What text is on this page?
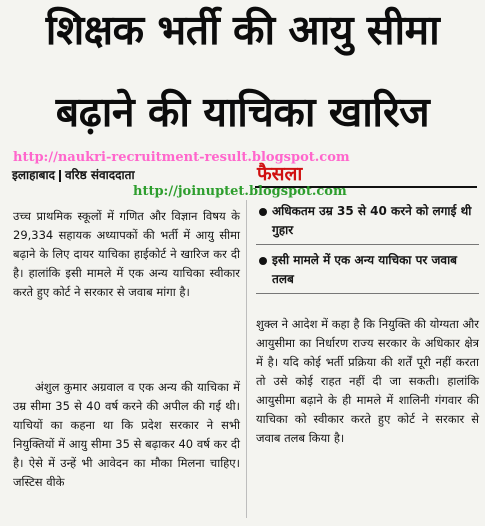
शिक्षक भर्ती की आयु सीमा
बढ़ाने की याचिका खारिज
http://naukri-recruitment-result.blogspot.com
इलाहाबाद वरिष्ठ संवाददाता	फैसला
http://joinuptet.blogspot.com

उच्च प्राथमिक स्कूलों में गणित और विज्ञान विषय के 29,334 सहायक अध्यापकों की भर्ती में आयु सीमा बढ़ाने के लिए दायर याचिका हाईकोर्ट ने खारिज कर दी है। हालांकि इसी मामले में एक अन्य याचिका स्वीकार करते हुए कोर्ट ने सरकार से जवाब मांगा है।

अंशुल कुमार अग्रवाल व एक अन्य की याचिका में उम्र सीमा 35 से 40 वर्ष करने की अपील की गई थी। याचियों का कहना था कि प्रदेश सरकार ने सभी नियुक्तियों में आयु सीमा 35 से बढ़ाकर 40 वर्ष कर दी है। ऐसे में उन्हें भी आवेदन का मौका मिलना चाहिए। जस्टिस वीके

अधिकतम उम्र 35 से 40 करने को लगाई थी गुहार
इसी मामले में एक अन्य याचिका पर जवाब तलब

शुक्ल ने आदेश में कहा है कि नियुक्ति की योग्यता और आयुसीमा का निर्धारण राज्य सरकार के अधिकार क्षेत्र में है। यदि कोई भर्ती प्रक्रिया की शर्तें पूरी नहीं करता तो उसे कोई राहत नहीं दी जा सकती। हालांकि आयुसीमा बढ़ाने के ही मामले में शालिनी गंगवार की याचिका को स्वीकार करते हुए कोर्ट ने सरकार से जवाब तलब किया है।
